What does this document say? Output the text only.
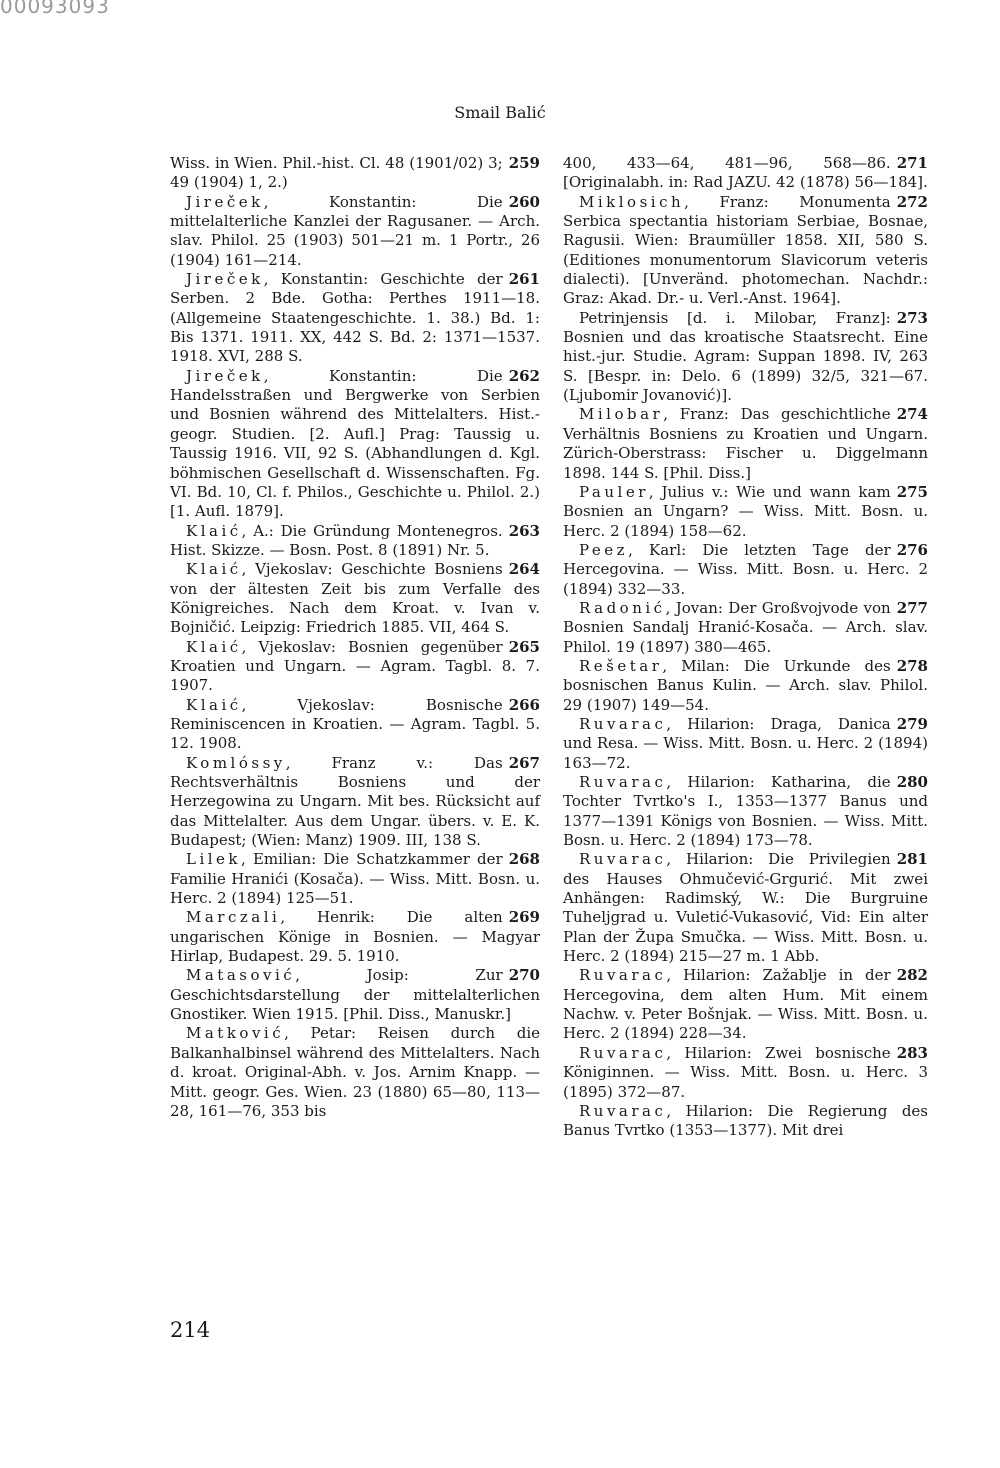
00093093
Smail Balić

259
Wiss. in Wien. Phil.-hist. Cl. 48 (1901/02) 3; 49 (1904) 1, 2.)

260
Jireček, Konstantin: Die mittelalterliche Kanzlei der Ragusaner. — Arch. slav. Philol. 25 (1903) 501—21 m. 1 Portr., 26 (1904) 161—214.

261
Jireček, Konstantin: Geschichte der Serben. 2 Bde. Gotha: Perthes 1911—18. (Allgemeine Staatengeschichte. 1. 38.) Bd. 1: Bis 1371. 1911. XX, 442 S. Bd. 2: 1371—1537. 1918. XVI, 288 S.

262
Jireček, Konstantin: Die Handelsstraßen und Bergwerke von Serbien und Bosnien während des Mittelalters. Hist.-geogr. Studien. [2. Aufl.] Prag: Taussig u. Taussig 1916. VII, 92 S. (Abhandlungen d. Kgl. böhmischen Gesellschaft d. Wissenschaften. Fg. VI. Bd. 10, Cl. f. Philos., Geschichte u. Philol. 2.) [1. Aufl. 1879].

263
Klaić, A.: Die Gründung Montenegros. Hist. Skizze. — Bosn. Post. 8 (1891) Nr. 5.

264
Klaić, Vjekoslav: Geschichte Bosniens von der ältesten Zeit bis zum Verfalle des Königreiches. Nach dem Kroat. v. Ivan v. Bojničić. Leipzig: Friedrich 1885. VII, 464 S.

265
Klaić, Vjekoslav: Bosnien gegenüber Kroatien und Ungarn. — Agram. Tagbl. 8. 7. 1907.

266
Klaić, Vjekoslav: Bosnische Reminiscencen in Kroatien. — Agram. Tagbl. 5. 12. 1908.

267
Komlóssy, Franz v.: Das Rechtsverhältnis Bosniens und der Herzegowina zu Ungarn. Mit bes. Rücksicht auf das Mittelalter. Aus dem Ungar. übers. v. E. K. Budapest; (Wien: Manz) 1909. III, 138 S.

268
Lilek, Emilian: Die Schatzkammer der Familie Hranići (Kosača). — Wiss. Mitt. Bosn. u. Herc. 2 (1894) 125—51.

269
Marczali, Henrik: Die alten ungarischen Könige in Bosnien. — Magyar Hirlap, Budapest. 29. 5. 1910.

270
Matasović, Josip: Zur Geschichtsdarstellung der mittelalterlichen Gnostiker. Wien 1915. [Phil. Diss., Manuskr.]

Matković, Petar: Reisen durch die Balkanhalbinsel während des Mittelalters. Nach d. kroat. Original-Abh. v. Jos. Arnim Knapp. — Mitt. geogr. Ges. Wien. 23 (1880) 65—80, 113—28, 161—76, 353 bis

271
400, 433—64, 481—96, 568—86. [Originalabh. in: Rad JAZU. 42 (1878) 56—184].

272
Miklosich, Franz: Monumenta Serbica spectantia historiam Serbiae, Bosnae, Ragusii. Wien: Braumüller 1858. XII, 580 S. (Editiones monumentorum Slavicorum veteris dialecti). [Unveränd. photomechan. Nachdr.: Graz: Akad. Dr.- u. Verl.-Anst. 1964].

273
Petrinjensis [d. i. Milobar, Franz]: Bosnien und das kroatische Staatsrecht. Eine hist.-jur. Studie. Agram: Suppan 1898. IV, 263 S. [Bespr. in: Delo. 6 (1899) 32/5, 321—67. (Ljubomir Jovanović)].

274
Milobar, Franz: Das geschichtliche Verhältnis Bosniens zu Kroatien und Ungarn. Zürich-Oberstrass: Fischer u. Diggelmann 1898. 144 S. [Phil. Diss.]

275
Pauler, Julius v.: Wie und wann kam Bosnien an Ungarn? — Wiss. Mitt. Bosn. u. Herc. 2 (1894) 158—62.

276
Peez, Karl: Die letzten Tage der Hercegovina. — Wiss. Mitt. Bosn. u. Herc. 2 (1894) 332—33.

277
Radonić, Jovan: Der Großvojvode von Bosnien Sandalj Hranić-Kosača. — Arch. slav. Philol. 19 (1897) 380—465.

278
Rešetar, Milan: Die Urkunde des bosnischen Banus Kulin. — Arch. slav. Philol. 29 (1907) 149—54.

279
Ruvarac, Hilarion: Draga, Danica und Resa. — Wiss. Mitt. Bosn. u. Herc. 2 (1894) 163—72.

280
Ruvarac, Hilarion: Katharina, die Tochter Tvrtko's I., 1353—1377 Banus und 1377—1391 Königs von Bosnien. — Wiss. Mitt. Bosn. u. Herc. 2 (1894) 173—78.

281
Ruvarac, Hilarion: Die Privilegien des Hauses Ohmučević-Grgurić. Mit zwei Anhängen: Radimský, W.: Die Burgruine Tuheljgrad u. Vuletić-Vukasović, Vid: Ein alter Plan der Župa Smučka. — Wiss. Mitt. Bosn. u. Herc. 2 (1894) 215—27 m. 1 Abb.

282
Ruvarac, Hilarion: Zažablje in der Hercegovina, dem alten Hum. Mit einem Nachw. v. Peter Bošnjak. — Wiss. Mitt. Bosn. u. Herc. 2 (1894) 228—34.

283
Ruvarac, Hilarion: Zwei bosnische Königinnen. — Wiss. Mitt. Bosn. u. Herc. 3 (1895) 372—87.

Ruvarac, Hilarion: Die Regierung des Banus Tvrtko (1353—1377). Mit drei

214
